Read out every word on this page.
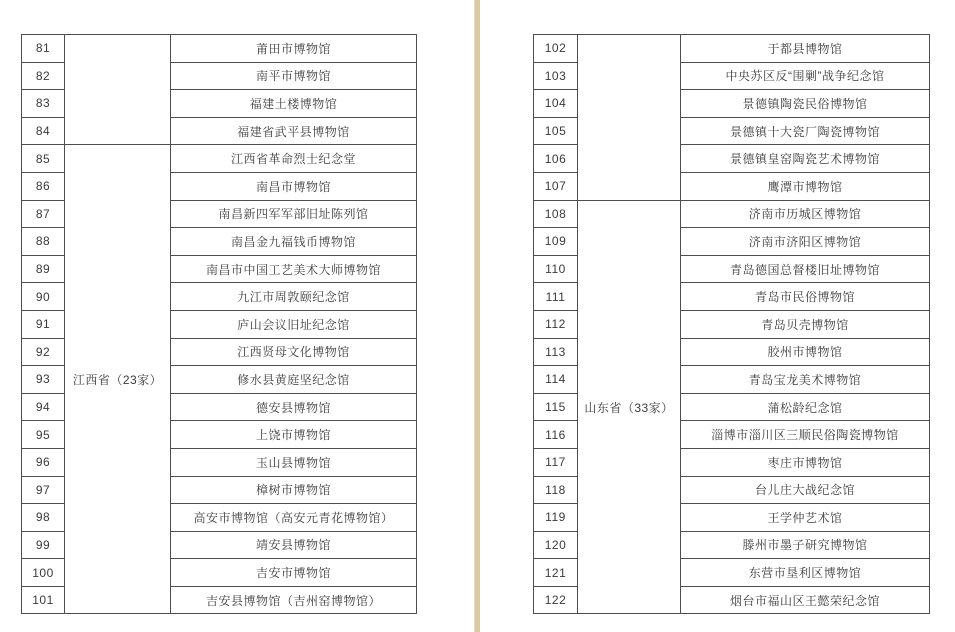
81		莆田市博物馆
82		南平市博物馆
83		福建土楼博物馆
84		福建省武平县博物馆
85	江西省（23家）	江西省革命烈士纪念堂
86		南昌市博物馆
87		南昌新四军军部旧址陈列馆
88		南昌金九福钱币博物馆
89		南昌市中国工艺美术大师博物馆
90		九江市周敦颐纪念馆
91		庐山会议旧址纪念馆
92		江西贤母文化博物馆
93		修水县黄庭坚纪念馆
94		德安县博物馆
95		上饶市博物馆
96		玉山县博物馆
97		樟树市博物馆
98		高安市博物馆（高安元青花博物馆）
99		靖安县博物馆
100		吉安市博物馆
101		吉安县博物馆（吉州窑博物馆）
102		于都县博物馆
103		中央苏区反“围剿”战争纪念馆
104		景德镇陶瓷民俗博物馆
105		景德镇十大瓷厂陶瓷博物馆
106		景德镇皇窑陶瓷艺术博物馆
107		鹰潭市博物馆
108	山东省（33家）	济南市历城区博物馆
109		济南市济阳区博物馆
110		青岛德国总督楼旧址博物馆
111		青岛市民俗博物馆
112		青岛贝壳博物馆
113		胶州市博物馆
114		青岛宝龙美术博物馆
115		蒲松龄纪念馆
116		淄博市淄川区三顺民俗陶瓷博物馆
117		枣庄市博物馆
118		台儿庄大战纪念馆
119		王学仲艺术馆
120		滕州市墨子研究博物馆
121		东营市垦利区博物馆
122		烟台市福山区王懿荣纪念馆
